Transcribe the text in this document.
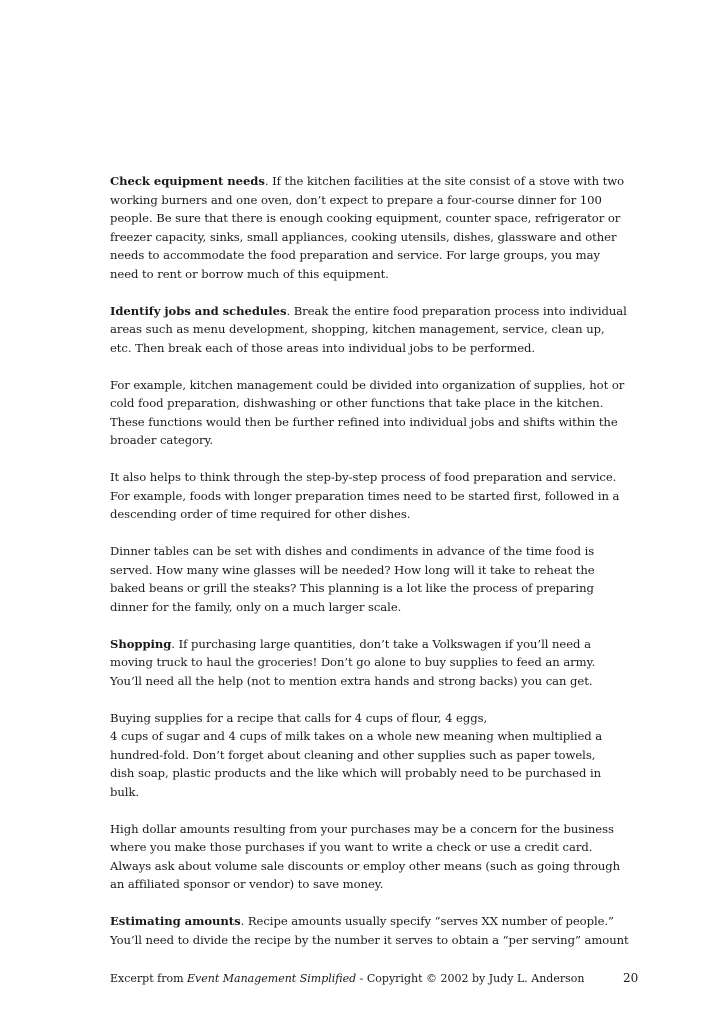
Check equipment needs. If the kitchen facilities at the site consist of a stove with two
working burners and one oven, don’t expect to prepare a four-course dinner for 100
people. Be sure that there is enough cooking equipment, counter space, refrigerator or
freezer capacity, sinks, small appliances, cooking utensils, dishes, glassware and other
needs to accommodate the food preparation and service. For large groups, you may
need to rent or borrow much of this equipment.
Identify jobs and schedules. Break the entire food preparation process into individual
areas such as menu development, shopping, kitchen management, service, clean up,
etc. Then break each of those areas into individual jobs to be performed.
For example, kitchen management could be divided into organization of supplies, hot or
cold food preparation, dishwashing or other functions that take place in the kitchen.
These functions would then be further refined into individual jobs and shifts within the
broader category.
It also helps to think through the step-by-step process of food preparation and service.
For example, foods with longer preparation times need to be started first, followed in a
descending order of time required for other dishes.
Dinner tables can be set with dishes and condiments in advance of the time food is
served. How many wine glasses will be needed? How long will it take to reheat the
baked beans or grill the steaks? This planning is a lot like the process of preparing
dinner for the family, only on a much larger scale.
Shopping. If purchasing large quantities, don’t take a Volkswagen if you’ll need a
moving truck to haul the groceries! Don’t go alone to buy supplies to feed an army.
You’ll need all the help (not to mention extra hands and strong backs) you can get.
Buying supplies for a recipe that calls for 4 cups of flour, 4 eggs,
4 cups of sugar and 4 cups of milk takes on a whole new meaning when multiplied a
hundred-fold. Don’t forget about cleaning and other supplies such as paper towels,
dish soap, plastic products and the like which will probably need to be purchased in
bulk.
High dollar amounts resulting from your purchases may be a concern for the business
where you make those purchases if you want to write a check or use a credit card.
Always ask about volume sale discounts or employ other means (such as going through
an affiliated sponsor or vendor) to save money.
Estimating amounts. Recipe amounts usually specify “serves XX number of people.”
You’ll need to divide the recipe by the number it serves to obtain a “per serving” amount
Excerpt from Event Management Simplified - Copyright © 2002 by Judy L. Anderson	20
